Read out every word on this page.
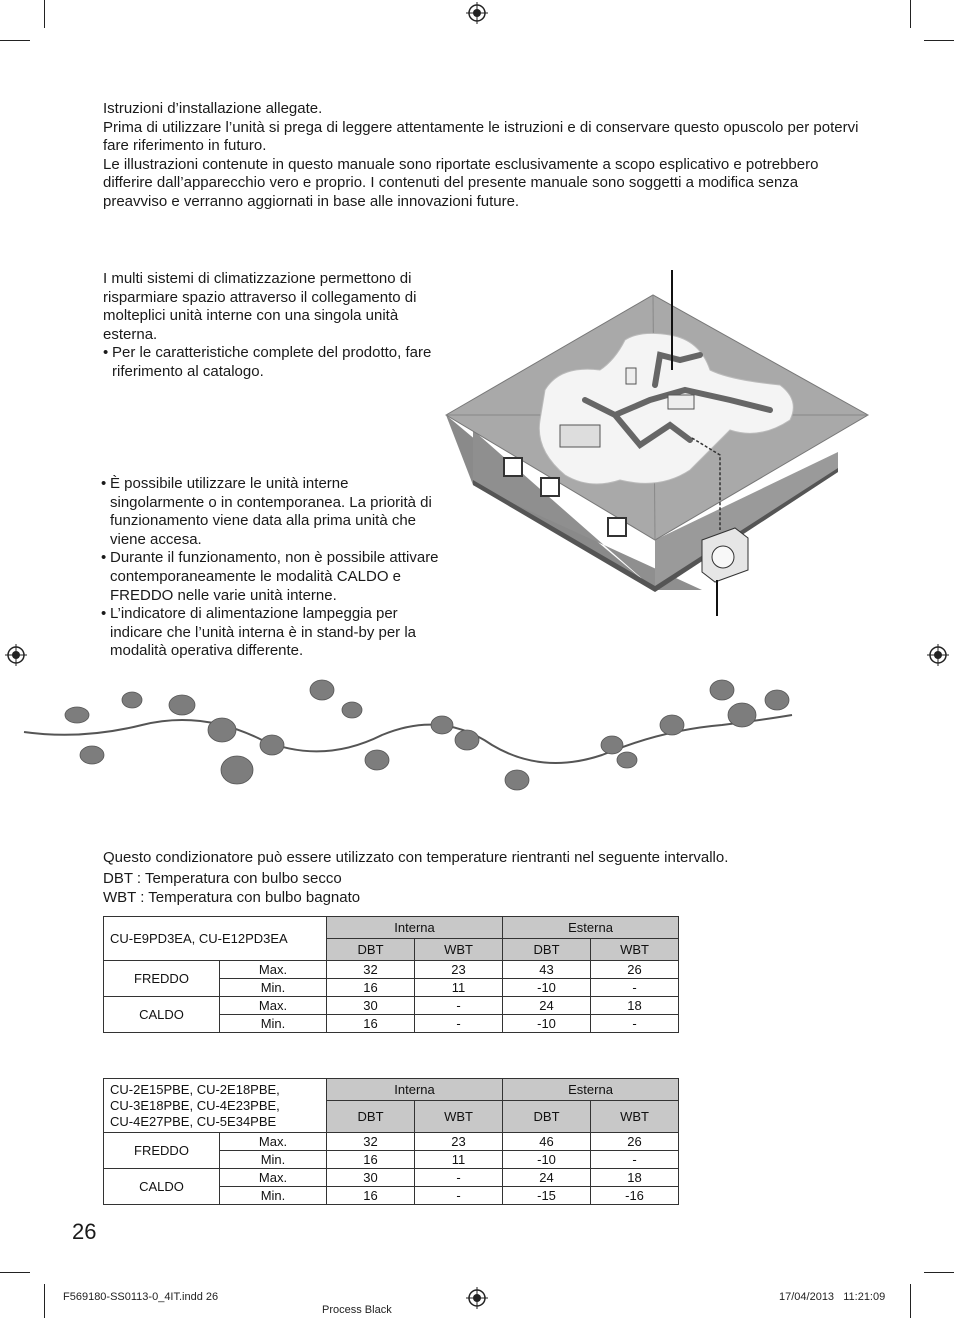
Istruzioni d’installazione allegate.

Prima di utilizzare l’unità si prega di leggere attentamente le istruzioni e di conservare questo opuscolo per potervi fare riferimento in futuro.

Le illustrazioni contenute in questo manuale sono riportate esclusivamente a scopo esplicativo e potrebbero differire dall’apparecchio vero e proprio. I contenuti del presente manuale sono soggetti a modifica senza preavviso e verranno aggiornati in base alle innovazioni future.

I multi sistemi di climatizzazione permettono di risparmiare spazio attraverso il collegamento di molteplici unità interne con una singola unità esterna.

• Per le caratteristiche complete del prodotto, fare riferimento al catalogo.
• È possibile utilizzare le unità interne singolarmente o in contemporanea. La priorità di funzionamento viene data alla prima unità che viene accesa.
• Durante il funzionamento, non è possibile attivare contemporaneamente le modalità CALDO e FREDDO nelle varie unità interne.
• L’indicatore di alimentazione lampeggia per indicare che l’unità interna è in stand-by per la modalità operativa differente.
Questo condizionatore può essere utilizzato con temperature rientranti nel seguente intervallo.
DBT : Temperatura con bulbo secco
WBT : Temperatura con bulbo bagnato
CU-E9PD3EA, CU-E12PD3EA		Interna		Esterna	
		DBT	WBT	DBT	WBT
FREDDO	Max.	32	23	43	26
	Min.	16	11	-10	-
CALDO	Max.	30	-	24	18
	Min.	16	-	-10	-
CU-2E15PBE, CU-2E18PBE,
CU-3E18PBE, CU-4E23PBE,
CU-4E27PBE, CU-5E34PBE		Interna		Esterna	
		DBT	WBT	DBT	WBT
FREDDO	Max.	32	23	46	26
	Min.	16	11	-10	-
CALDO	Max.	30	-	24	18
	Min.	16	-	-15	-16
26
F569180-SS0113-0_4IT.indd 26
Process Black
17/04/2013   11:21:09
